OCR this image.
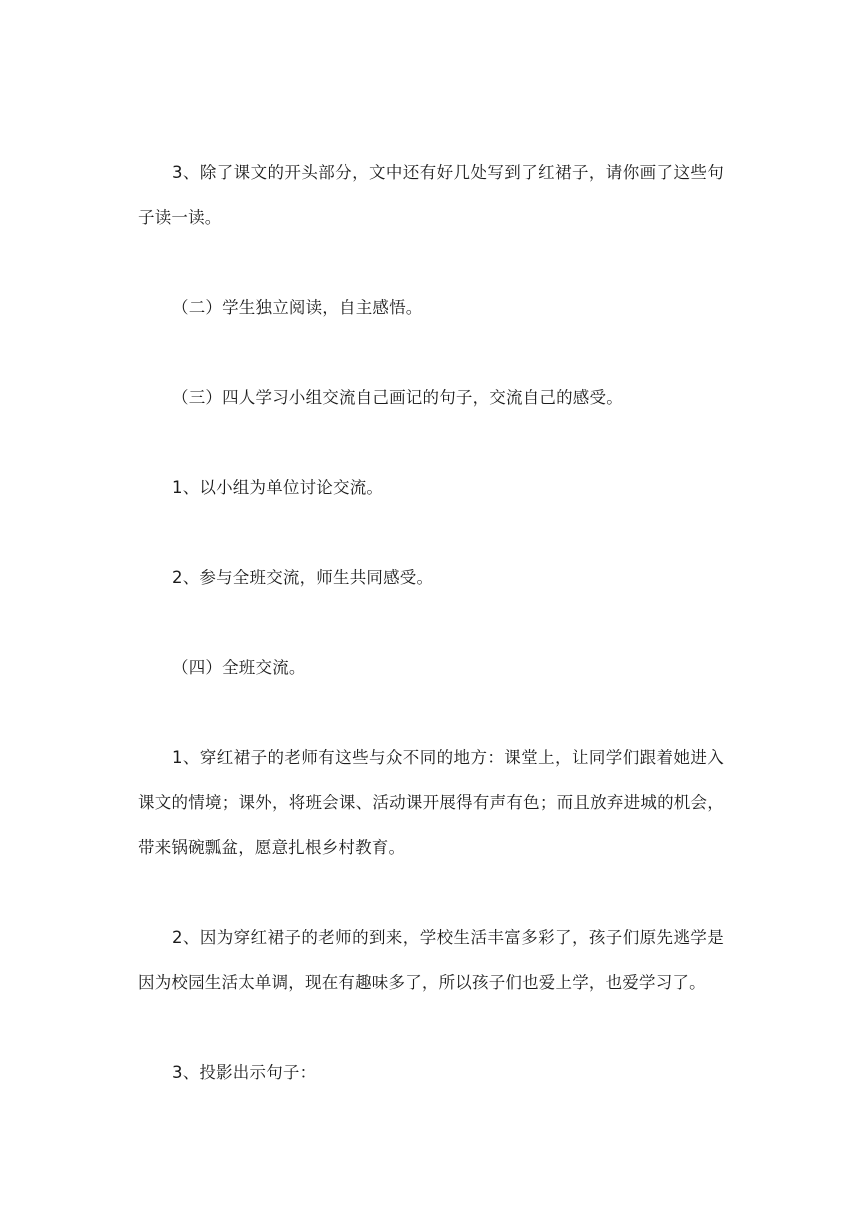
3、除了课文的开头部分，文中还有好几处写到了红裙子，请你画了这些句子读一读。

（二）学生独立阅读，自主感悟。

（三）四人学习小组交流自己画记的句子，交流自己的感受。

1、以小组为单位讨论交流。

2、参与全班交流，师生共同感受。

（四）全班交流。

1、穿红裙子的老师有这些与众不同的地方：课堂上，让同学们跟着她进入课文的情境；课外，将班会课、活动课开展得有声有色；而且放弃进城的机会，带来锅碗瓢盆，愿意扎根乡村教育。

2、因为穿红裙子的老师的到来，学校生活丰富多彩了，孩子们原先逃学是因为校园生活太单调，现在有趣味多了，所以孩子们也爱上学，也爱学习了。

3、投影出示句子：
